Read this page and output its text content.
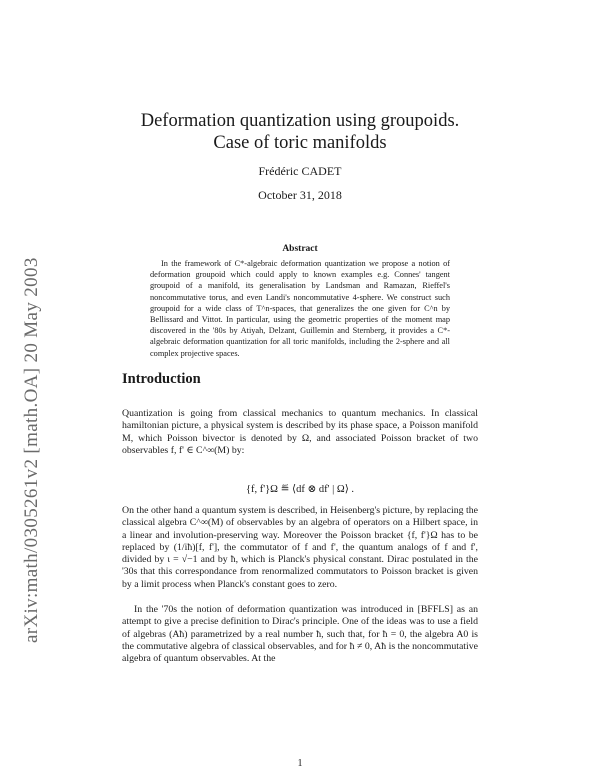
arXiv:math/0305261v2 [math.OA] 20 May 2003
Deformation quantization using groupoids.
Case of toric manifolds
Frédéric CADET
October 31, 2018
Abstract

In the framework of C*-algebraic deformation quantization we propose a notion of deformation groupoid which could apply to known examples e.g. Connes' tangent groupoid of a manifold, its generalisation by Landsman and Ramazan, Rieffel's noncommutative torus, and even Landi's noncommutative 4-sphere. We construct such groupoid for a wide class of T^n-spaces, that generalizes the one given for C^n by Bellissard and Vittot. In particular, using the geometric properties of the moment map discovered in the '80s by Atiyah, Delzant, Guillemin and Sternberg, it provides a C*-algebraic deformation quantization for all toric manifolds, including the 2-sphere and all complex projective spaces.

Introduction

Quantization is going from classical mechanics to quantum mechanics. In classical hamiltonian picture, a physical system is described by its phase space, a Poisson manifold M, which Poisson bivector is denoted by Ω, and associated Poisson bracket of two observables f, f' ∈ C^∞(M) by:

{f, f'}Ω ≝ ⟨df ⊗ df' | Ω⟩ .

On the other hand a quantum system is described, in Heisenberg's picture, by replacing the classical algebra C^∞(M) of observables by an algebra of operators on a Hilbert space, in a linear and involution-preserving way. Moreover the Poisson bracket {f, f'}Ω has to be replaced by (1/iħ)[f, f'], the commutator of f and f', the quantum analogs of f and f', divided by ι = √−1 and by ħ, which is Planck's physical constant. Dirac postulated in the '30s that this correspondance from renormalized commutators to Poisson bracket is given by a limit process when Planck's constant goes to zero.

In the '70s the notion of deformation quantization was introduced in [BFFLS] as an attempt to give a precise definition to Dirac's principle. One of the ideas was to use a field of algebras (Aħ) parametrized by a real number ħ, such that, for ħ = 0, the algebra A0 is the commutative algebra of classical observables, and for ħ ≠ 0, Aħ is the noncommutative algebra of quantum observables. At the

1
